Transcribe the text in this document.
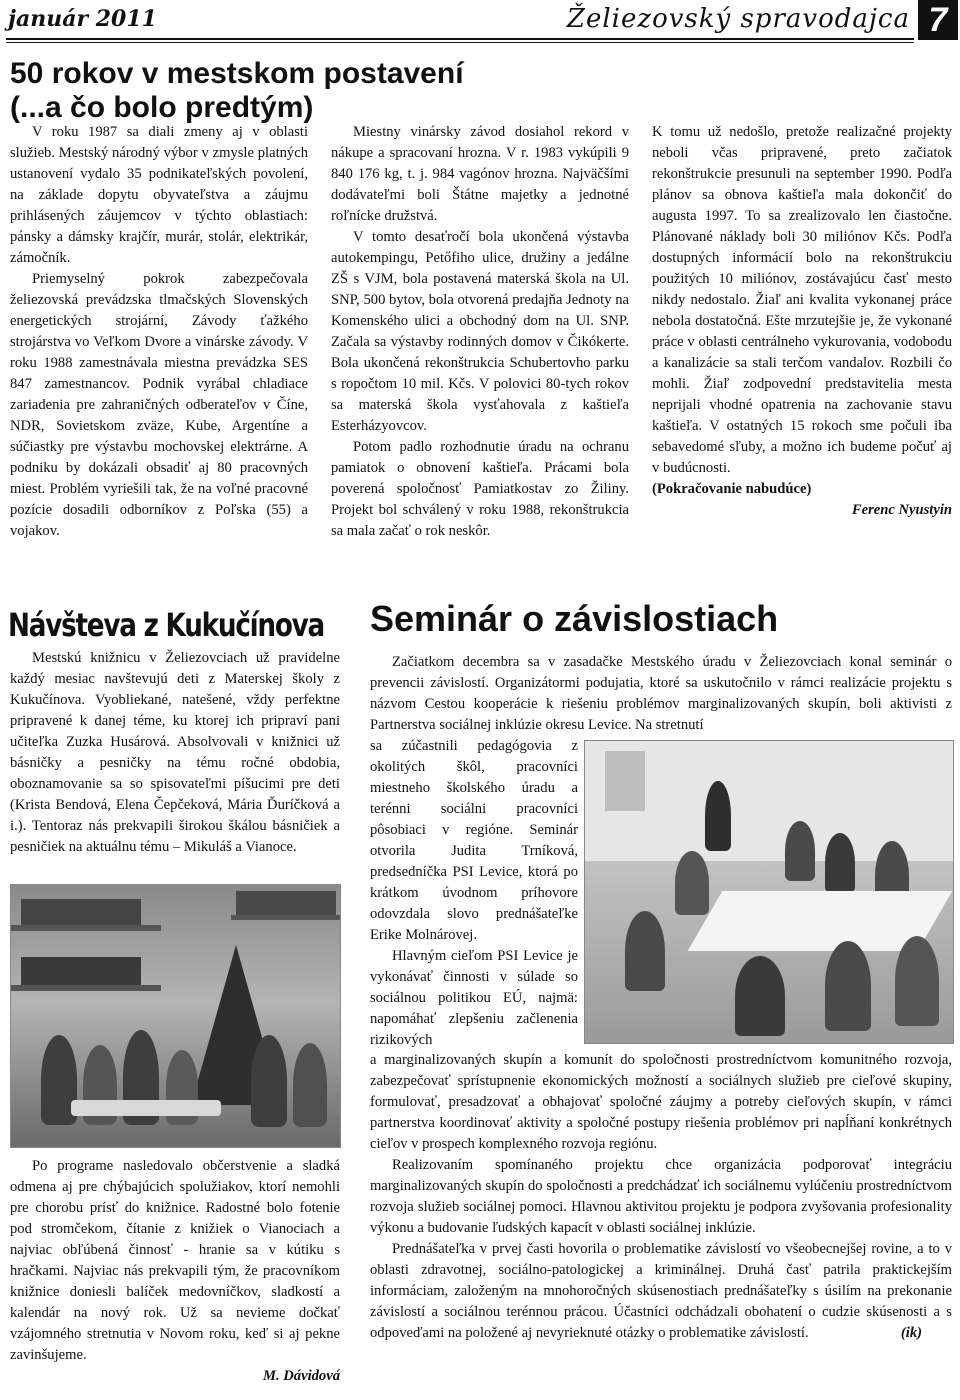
január 2011	Želiezovský spravodajca 7
50 rokov v mestskom postavení (...a čo bolo predtým)

V roku 1987 sa diali zmeny aj v oblasti služieb. Mestský národný výbor v zmysle platných ustanovení vydalo 35 podnikateľských povolení, na základe dopytu obyvateľstva a záujmu prihlásených záujemcov v týchto oblastiach: pánsky a dámsky krajčír, murár, stolár, elektrikár, zámočník.

Priemyselný pokrok zabezpečovala želiezovská prevádzska tlmačských Slovenských energetických strojární, Závody ťažkého strojárstva vo Veľkom Dvore a vinárske závody. V roku 1988 zamestnávala miestna prevádzka SES 847 zamestnancov. Podnik vyrábal chladiace zariadenia pre zahraničných odberateľov v Číne, NDR, Sovietskom zväze, Kube, Argentíne a súčiastky pre výstavbu mochovskej elektrárne. A podniku by dokázali obsadiť aj 80 pracovných miest. Problém vyriešili tak, že na voľné pracovné pozície dosadili odborníkov z Poľska (55) a vojakov.

Miestny vinársky závod dosiahol rekord v nákupe a spracovaní hrozna. V r. 1983 vykúpili 9 840 176 kg, t. j. 984 vagónov hrozna. Najväčšími dodávateľmi boli Štátne majetky a jednotné roľnícke družstvá.

V tomto desaťročí bola ukončená výstavba autokempingu, Petőfiho ulice, družiny a jedálne ZŠ s VJM, bola postavená materská škola na Ul. SNP, 500 bytov, bola otvorená predajňa Jednoty na Komenského ulici a obchodný dom na Ul. SNP. Začala sa výstavby rodinných domov v Čikókerte. Bola ukončená rekonštrukcia Schubertovho parku s ropočtom 10 mil. Kčs. V polovici 80-tych rokov sa materská škola vysťahovala z kaštieľa Esterházyovcov.

Potom padlo rozhodnutie úradu na ochranu pamiatok o obnovení kaštieľa. Prácami bola poverená spoločnosť Pamiatkostav zo Žiliny. Projekt bol schválený v roku 1988, rekonštrukcia sa mala začať o rok neskôr.

K tomu už nedošlo, pretože realizačné projekty neboli včas pripravené, preto začiatok rekonštrukcie presunuli na september 1990. Podľa plánov sa obnova kaštieľa mala dokončiť do augusta 1997. To sa zrealizovalo len čiastočne. Plánované náklady boli 30 miliónov Kčs. Podľa dostupných informácií bolo na rekonštrukciu použitých 10 miliónov, zostávajúcu časť mesto nikdy nedostalo. Žiaľ ani kvalita vykonanej práce nebola dostatočná. Ešte mrzutejšie je, že vykonané práce v oblasti centrálneho vykurovania, vodobodu a kanalizácie sa stali terčom vandalov. Rozbili čo mohli. Žiaľ zodpovední predstavitelia mesta neprijali vhodné opatrenia na zachovanie stavu kaštieľa. V ostatných 15 rokoch sme počuli iba sebavedomé sľuby, a možno ich budeme počuť aj v budúcnosti.

(Pokračovanie nabudúce)

Ferenc Nyustyin
Návšteva z Kukučínova

Mestskú knižnicu v Želiezovciach už pravidelne každý mesiac navštevujú deti z Materskej školy z Kukučínova. Vyobliekané, natešené, vždy perfektne pripravené k danej téme, ku ktorej ich pripraví pani učiteľka Zuzka Husárová. Absolvovali v knižnici už básničky a pesničky na tému ročné obdobia, oboznamovanie sa so spisovateľmi píšucimi pre deti (Krista Bendová, Elena Čepčeková, Mária Ďuríčková a i.). Tentoraz nás prekvapili širokou škálou básničiek a pesničiek na aktuálnu tému – Mikuláš a Vianoce.

Po programe nasledovalo občerstvenie a sladká odmena aj pre chýbajúcich spolužiakov, ktorí nemohli pre chorobu prísť do knižnice. Radostné bolo fotenie pod stromčekom, čítanie z knižiek o Vianociach a najviac obľúbená činnosť - hranie sa v kútiku s hračkami. Najviac nás prekvapili tým, že pracovníkom knižnice doniesli balíček medovníčkov, sladkostí a kalendár na nový rok. Už sa nevieme dočkať vzájomného stretnutia v Novom roku, keď si aj pekne zavinšujeme.

M. Dávidová
Seminár o závislostiach

Začiatkom decembra sa v zasadačke Mestského úradu v Želiezovciach konal seminár o prevencii závislostí. Organizátormi podujatia, ktoré sa uskutočnilo v rámci realizácie projektu s názvom Cestou kooperácie k riešeniu problémov marginalizovaných skupín, boli aktivisti z Partnerstva sociálnej inklúzie okresu Levice. Na stretnutí

sa zúčastnili pedagógovia z okolitých škôl, pracovníci miestneho školského úradu a terénni sociálni pracovníci pôsobiaci v regióne. Seminár otvorila Judita Trníková, predsedníčka PSI Levice, ktorá po krátkom úvodnom príhovore odovzdala slovo prednášateľke Erike Molnárovej.

Hlavným cieľom PSI Levice je vykonávať činnosti v súlade so sociálnou politikou EÚ, najmä: napomáhať zlepšeniu začlenenia rizikových

a marginalizovaných skupín a komunít do spoločnosti prostredníctvom komunitného rozvoja, zabezpečovať sprístupnenie ekonomických možností a sociálnych služieb pre cieľové skupiny, formulovať, presadzovať a obhajovať spoločné záujmy a potreby cieľových skupín, v rámci partnerstva koordinovať aktivity a spoločné postupy riešenia problémov pri napĺňaní konkrétnych cieľov v prospech komplexného rozvoja regiónu.

Realizovaním spomínaného projektu chce organizácia podporovať integráciu marginalizovaných skupín do spoločnosti a predchádzať ich sociálnemu vylúčeniu prostredníctvom rozvoja služieb sociálnej pomoci. Hlavnou aktivitou projektu je podpora zvyšovania profesionality výkonu a budovanie ľudských kapacít v oblasti sociálnej inklúzie.

Prednášateľka v prvej časti hovorila o problematike závislostí vo všeobecnejšej rovine, a to v oblasti zdravotnej, sociálno-patologickej a kriminálnej. Druhá časť patrila praktickejším informáciam, založeným na mnohoročných skúsenostiach prednášateľky s úsilím na prekonanie závislostí a sociálnou terénnou prácou. Účastníci odchádzali obohatení o cudzie skúsenosti a s odpoveďami na položené aj nevyrieknuté otázky o problematike závislostí.	(ik)
